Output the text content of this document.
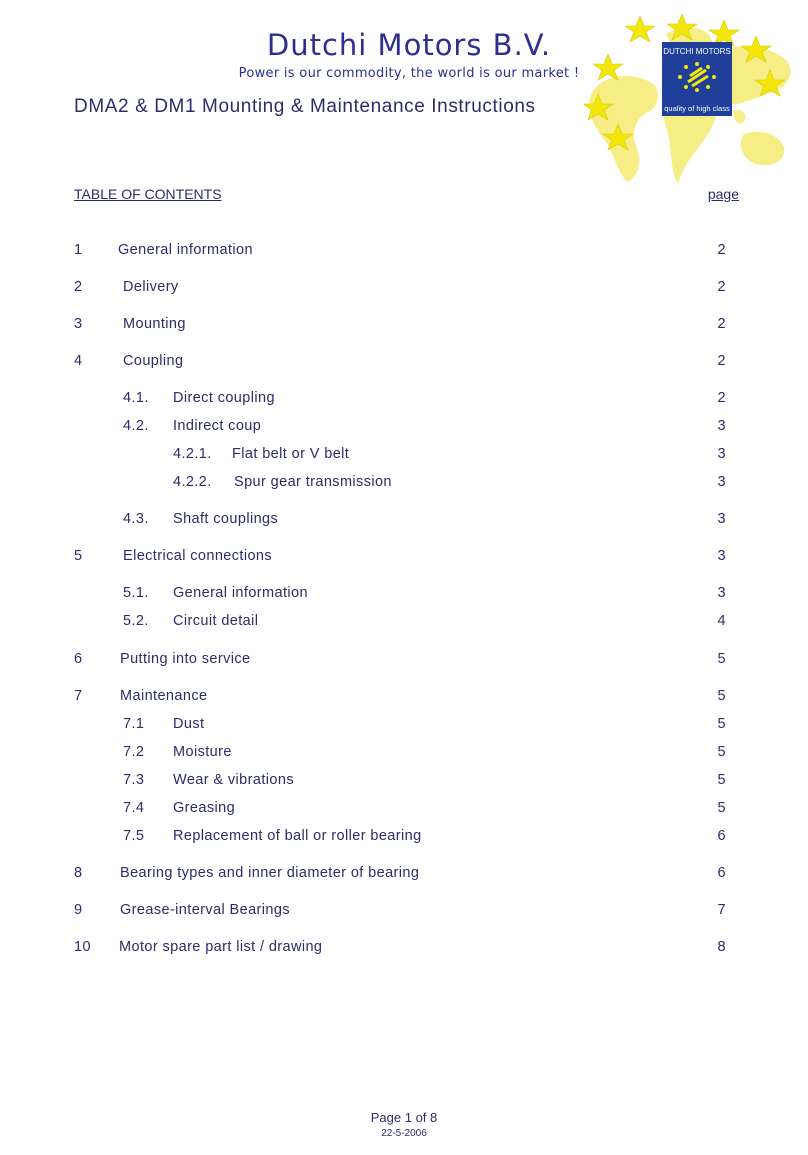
Dutchi Motors B.V.
Power is our commodity, the world is our market !
DUTCHI MOTORS
quality of high class
DMA2 & DM1 Mounting & Maintenance Instructions
TABLE OF CONTENTS	page
1 General information	2
2	Delivery	2
3	Mounting	2
4	Coupling	2
4.1. Direct coupling	2
4.2. Indirect coup	3
4.2.1. Flat belt or V belt	3
4.2.2. Spur gear transmission	3
4.3. Shaft couplings	3
5	Electrical connections	3
5.1. General information	3
5.2. Circuit detail	4
6	Putting into service	5
7	Maintenance	5
7.1 Dust	5
7.2 Moisture	5
7.3 Wear & vibrations	5
7.4 Greasing	5
7.5 Replacement of ball or roller bearing	6
8	Bearing types and inner diameter of bearing	6
9	Grease-interval Bearings	7
10 Motor spare part list / drawing	8
Page 1 of 8
22-5-2006
